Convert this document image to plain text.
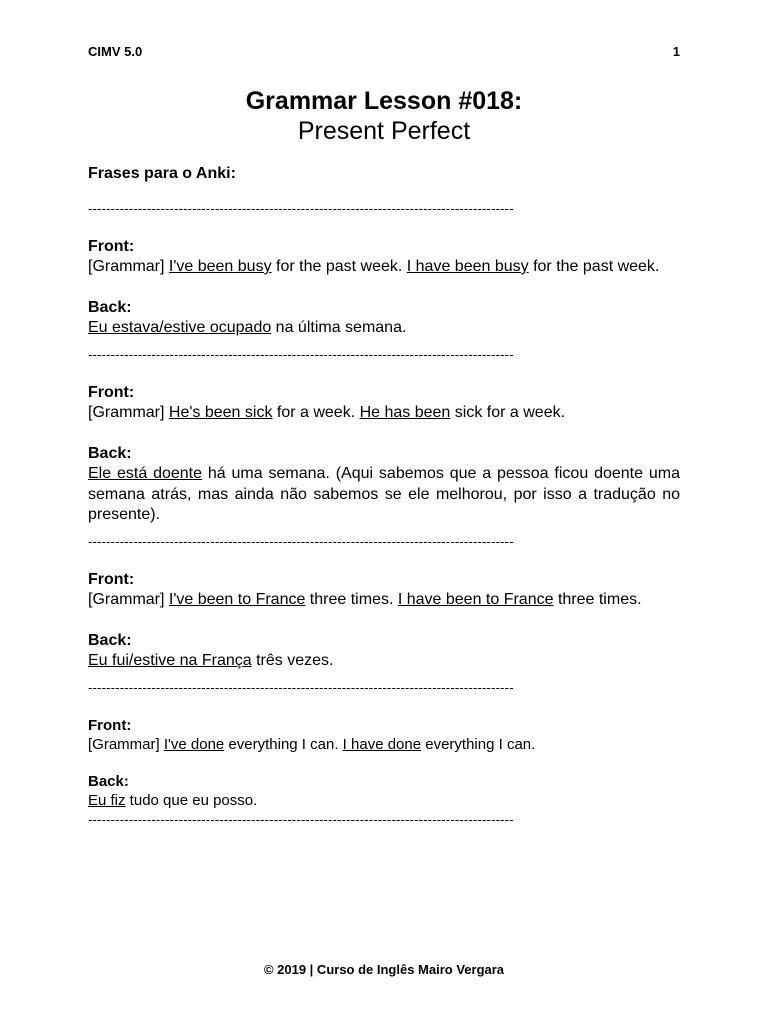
CIMV 5.0	1
Grammar Lesson #018:
Present Perfect
Frases para o Anki:
----------------------------------------------------------------------------------------------
Front:
[Grammar] I've been busy for the past week. I have been busy for the past week.
Back:
Eu estava/estive ocupado na última semana.
----------------------------------------------------------------------------------------------
Front:
[Grammar] He's been sick for a week. He has been sick for a week.
Back:
Ele está doente há uma semana. (Aqui sabemos que a pessoa ficou doente uma semana atrás, mas ainda não sabemos se ele melhorou, por isso a tradução no presente).
----------------------------------------------------------------------------------------------
Front:
[Grammar] I've been to France three times. I have been to France three times.
Back:
Eu fui/estive na França três vezes.
----------------------------------------------------------------------------------------------
Front:
[Grammar] I've done everything I can. I have done everything I can.
Back:
Eu fiz tudo que eu posso.
----------------------------------------------------------------------------------------------
© 2019 | Curso de Inglês Mairo Vergara
